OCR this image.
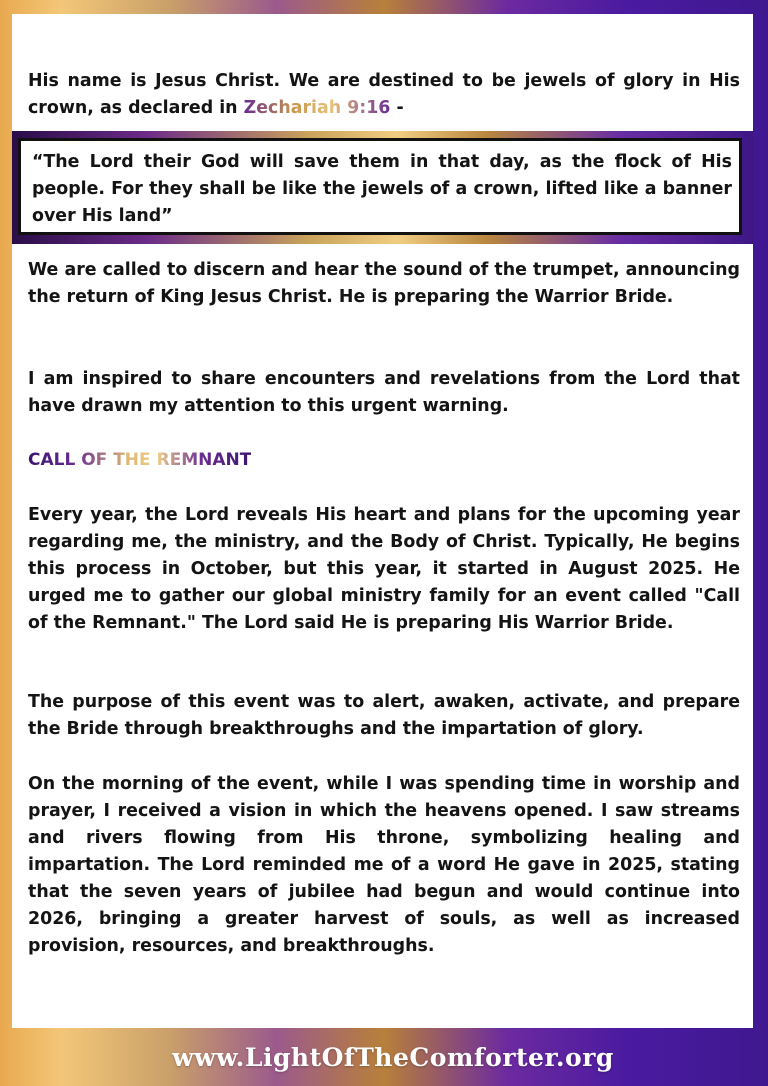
His name is Jesus Christ. We are destined to be jewels of glory in His crown, as declared in Zechariah 9:16 -

“The Lord their God will save them in that day, as the flock of His people. For they shall be like the jewels of a crown, lifted like a banner over His land”

We are called to discern and hear the sound of the trumpet, announcing the return of King Jesus Christ. He is preparing the Warrior Bride.

I am inspired to share encounters and revelations from the Lord that have drawn my attention to this urgent warning.

CALL OF THE REMNANT

Every year, the Lord reveals His heart and plans for the upcoming year regarding me, the ministry, and the Body of Christ. Typically, He begins this process in October, but this year, it started in August 2025. He urged me to gather our global ministry family for an event called "Call of the Remnant." The Lord said He is preparing His Warrior Bride.

The purpose of this event was to alert, awaken, activate, and prepare the Bride through breakthroughs and the impartation of glory.

On the morning of the event, while I was spending time in worship and prayer, I received a vision in which the heavens opened. I saw streams and rivers flowing from His throne, symbolizing healing and impartation. The Lord reminded me of a word He gave in 2025, stating that the seven years of jubilee had begun and would continue into 2026, bringing a greater harvest of souls, as well as increased provision, resources, and breakthroughs.

www.LightOfTheComforter.org
